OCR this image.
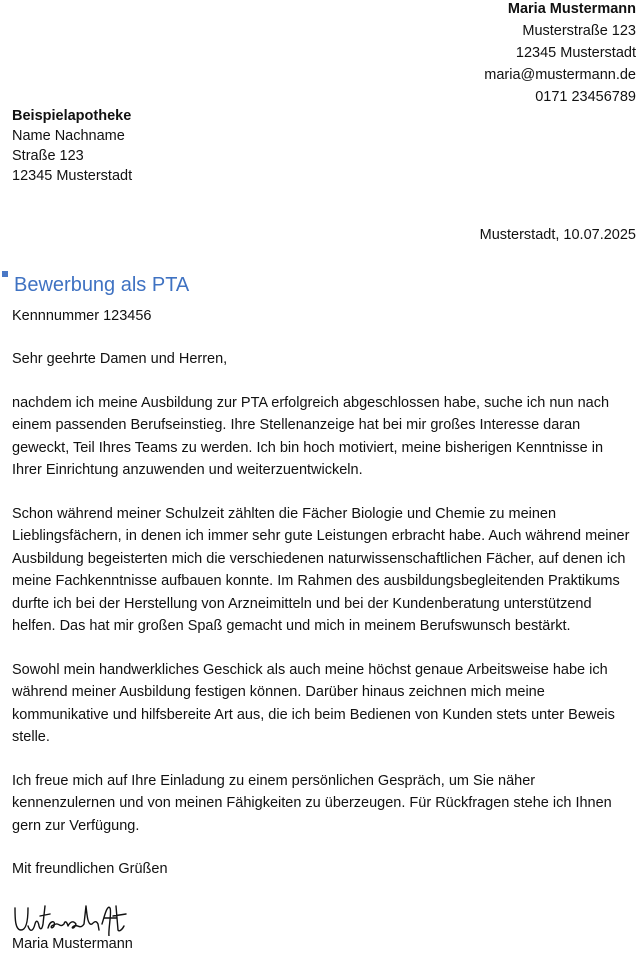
Maria Mustermann
Musterstraße 123
12345 Musterstadt
maria@mustermann.de
0171 23456789
Beispielapotheke
Name Nachname
Straße 123
12345 Musterstadt
Musterstadt, 10.07.2025
Bewerbung als PTA
Kennnummer 123456

Sehr geehrte Damen und Herren,

nachdem ich meine Ausbildung zur PTA erfolgreich abgeschlossen habe, suche ich nun nach einem passenden Berufseinstieg. Ihre Stellenanzeige hat bei mir großes Interesse daran geweckt, Teil Ihres Teams zu werden. Ich bin hoch motiviert, meine bisherigen Kenntnisse in Ihrer Einrichtung anzuwenden und weiterzuentwickeln.

Schon während meiner Schulzeit zählten die Fächer Biologie und Chemie zu meinen Lieblingsfächern, in denen ich immer sehr gute Leistungen erbracht habe. Auch während meiner Ausbildung begeisterten mich die verschiedenen naturwissenschaftlichen Fächer, auf denen ich meine Fachkenntnisse aufbauen konnte. Im Rahmen des ausbildungsbegleitenden Praktikums durfte ich bei der Herstellung von Arzneimitteln und bei der Kundenberatung unterstützend helfen. Das hat mir großen Spaß gemacht und mich in meinem Berufswunsch bestärkt.

Sowohl mein handwerkliches Geschick als auch meine höchst genaue Arbeitsweise habe ich während meiner Ausbildung festigen können. Darüber hinaus zeichnen mich meine kommunikative und hilfsbereite Art aus, die ich beim Bedienen von Kunden stets unter Beweis stelle.

Ich freue mich auf Ihre Einladung zu einem persönlichen Gespräch, um Sie näher kennenzulernen und von meinen Fähigkeiten zu überzeugen. Für Rückfragen stehe ich Ihnen gern zur Verfügung.

Mit freundlichen Grüßen

Maria Mustermann
